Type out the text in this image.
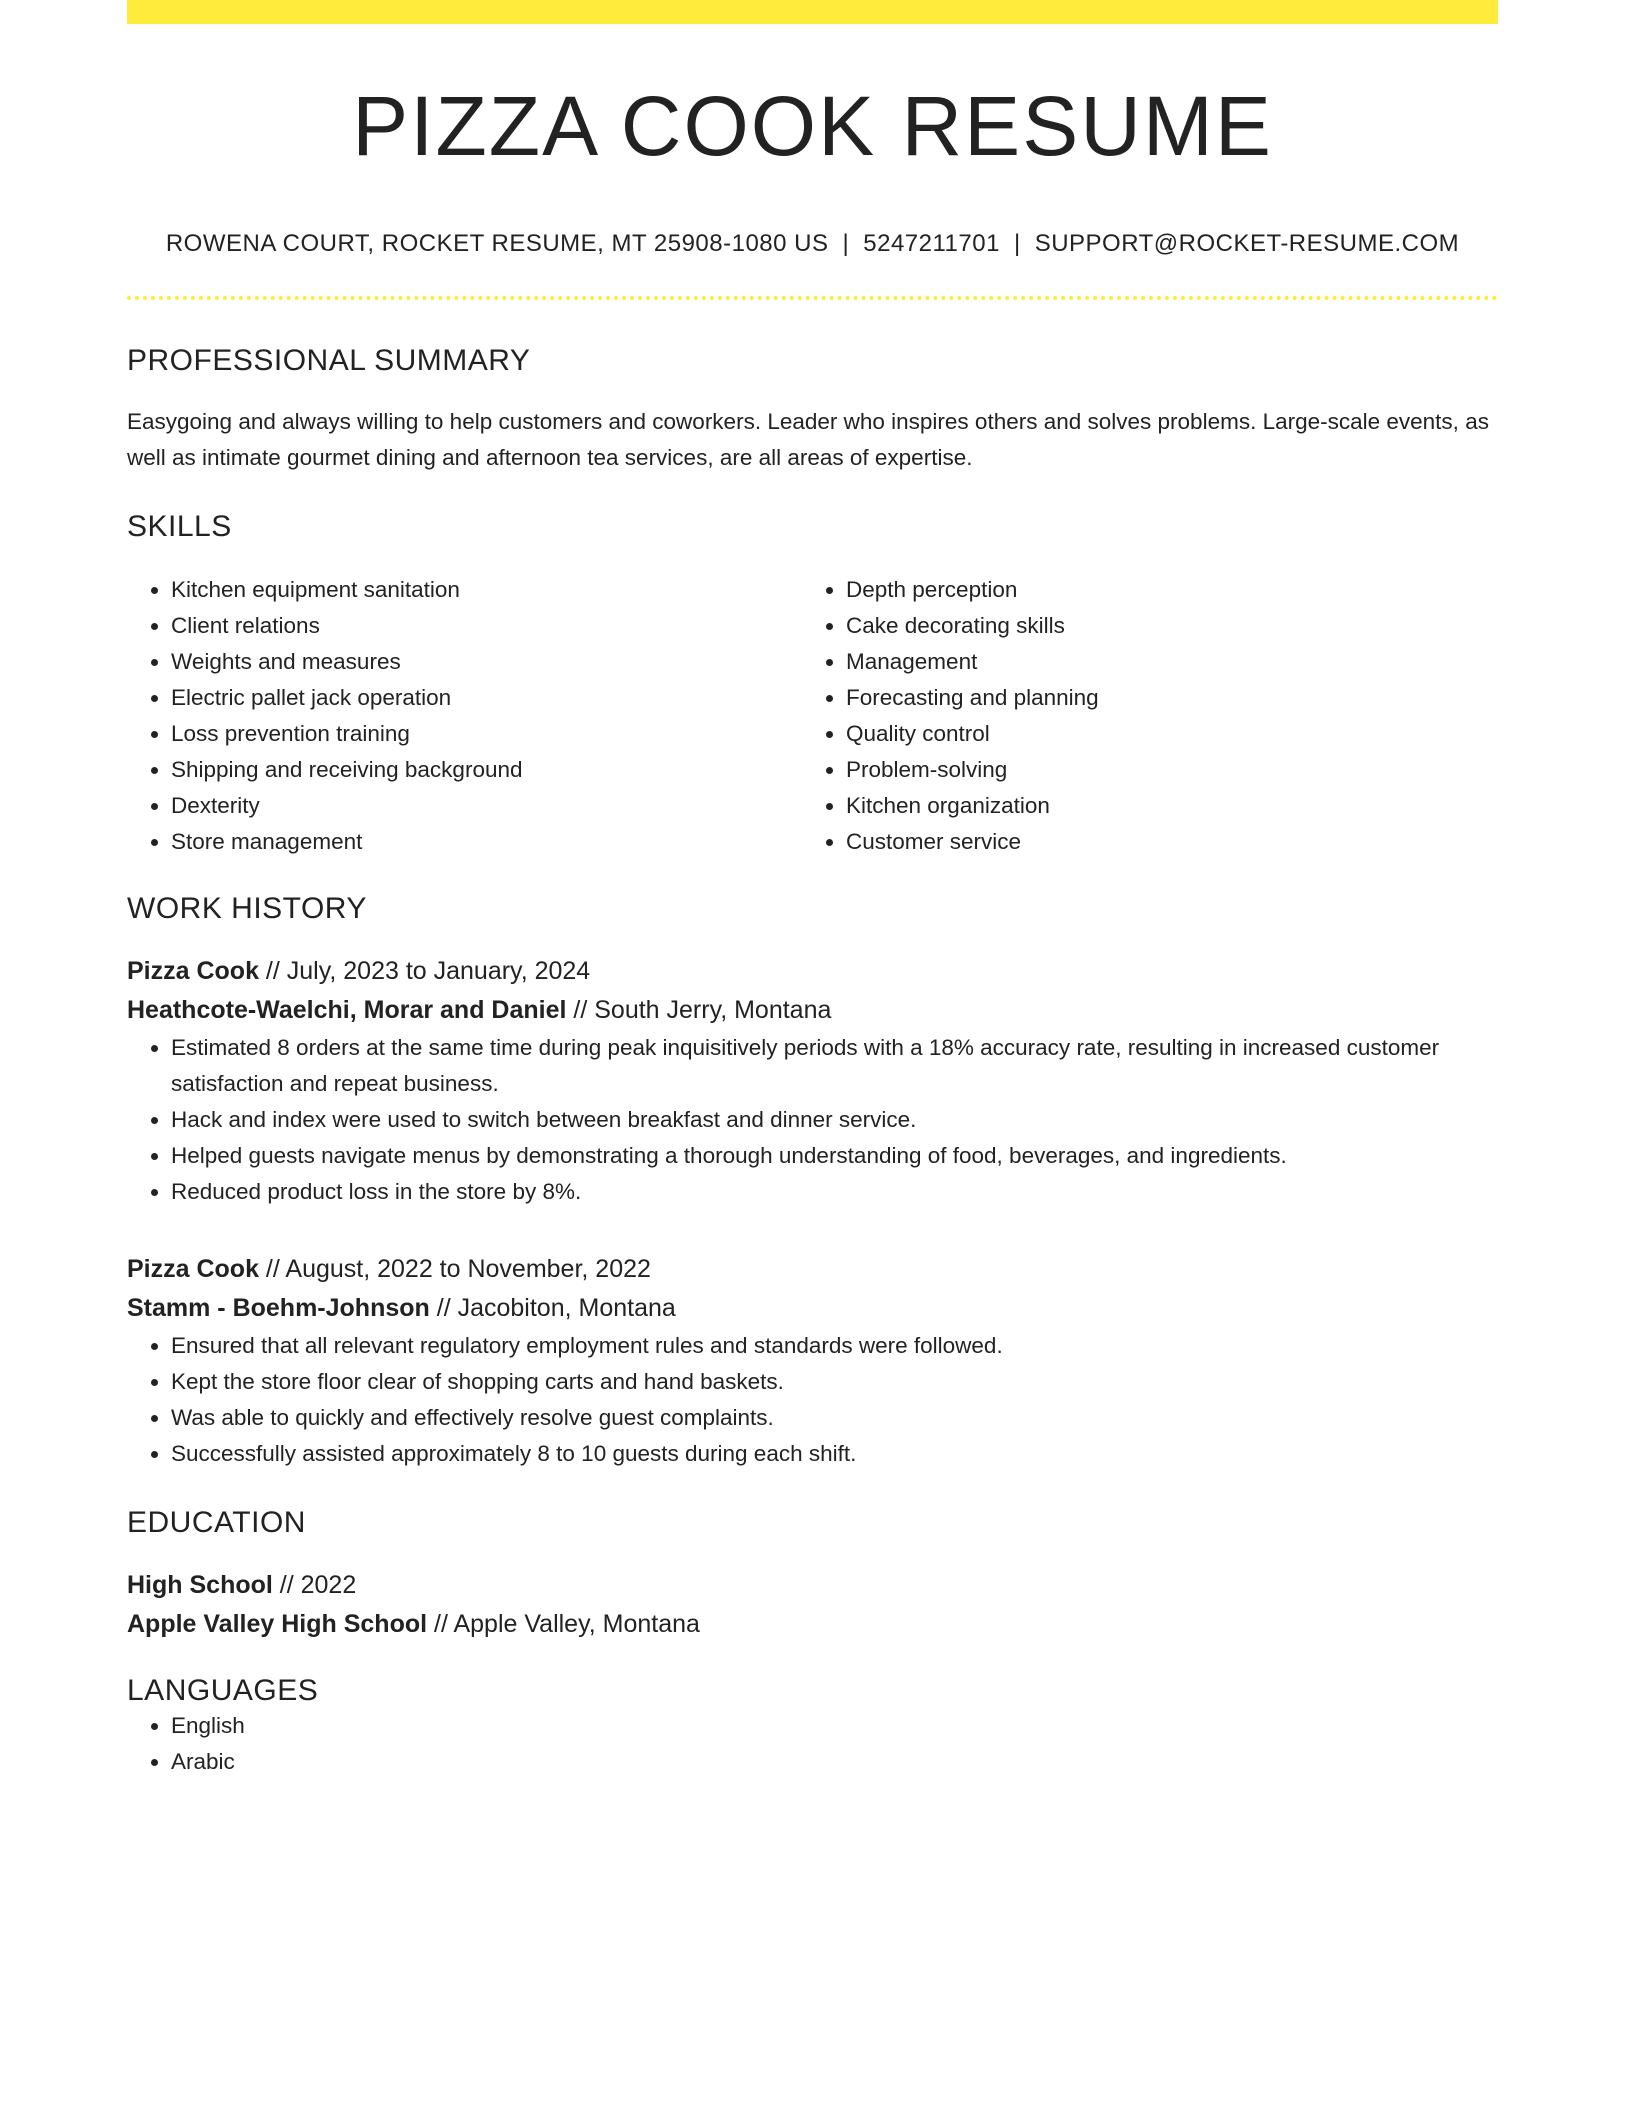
PIZZA COOK RESUME
ROWENA COURT, ROCKET RESUME, MT 25908-1080 US | 5247211701 | SUPPORT@ROCKET-RESUME.COM
PROFESSIONAL SUMMARY

Easygoing and always willing to help customers and coworkers. Leader who inspires others and solves problems. Large-scale events, as well as intimate gourmet dining and afternoon tea services, are all areas of expertise.

SKILLS
• Kitchen equipment sanitation
• Client relations
• Weights and measures
• Electric pallet jack operation
• Loss prevention training
• Shipping and receiving background
• Dexterity
• Store management
• Depth perception
• Cake decorating skills
• Management
• Forecasting and planning
• Quality control
• Problem-solving
• Kitchen organization
• Customer service
WORK HISTORY
Pizza Cook // July, 2023 to January, 2024
Heathcote-Waelchi, Morar and Daniel // South Jerry, Montana
• Estimated 8 orders at the same time during peak inquisitively periods with a 18% accuracy rate, resulting in increased customer satisfaction and repeat business.
• Hack and index were used to switch between breakfast and dinner service.
• Helped guests navigate menus by demonstrating a thorough understanding of food, beverages, and ingredients.
• Reduced product loss in the store by 8%.
Pizza Cook // August, 2022 to November, 2022
Stamm - Boehm-Johnson // Jacobiton, Montana
• Ensured that all relevant regulatory employment rules and standards were followed.
• Kept the store floor clear of shopping carts and hand baskets.
• Was able to quickly and effectively resolve guest complaints.
• Successfully assisted approximately 8 to 10 guests during each shift.
EDUCATION
High School // 2022
Apple Valley High School // Apple Valley, Montana
LANGUAGES
• English
• Arabic
